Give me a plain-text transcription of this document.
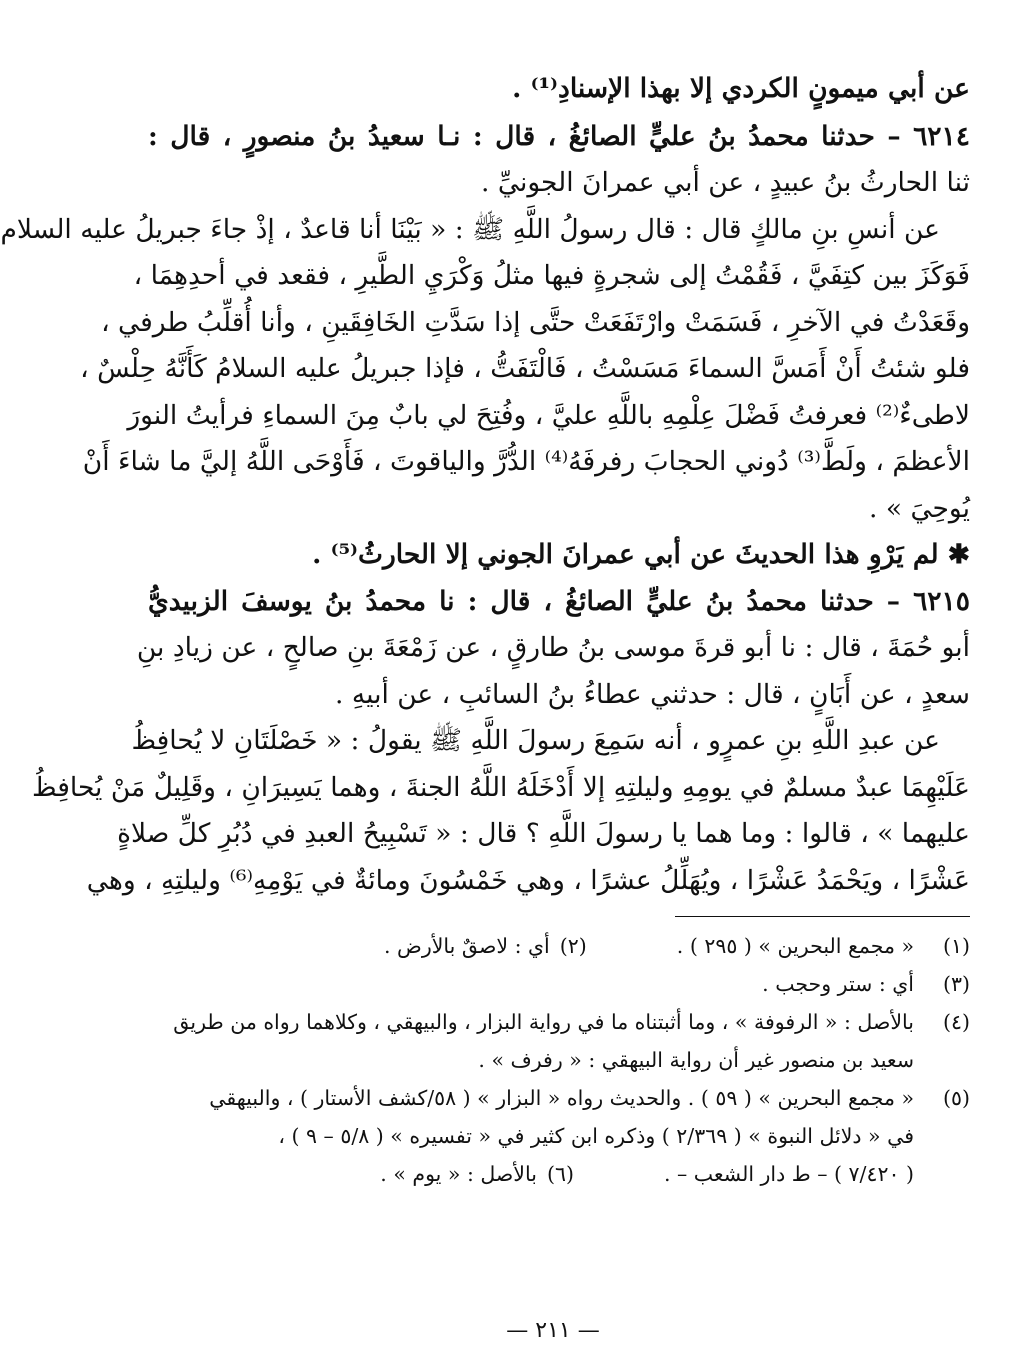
عن أبي ميمونٍ الكردي إلا بهذا الإسنادِ⁽¹⁾ .
٦٢١٤ – حدثنا محمدُ بنُ عليٍّ الصائغُ ، قال : نـا سعيدُ بنُ منصورٍ ، قال :
ثنا الحارثُ بنُ عبيدٍ ، عن أبي عمرانَ الجونيِّ .
عن أنسِ بنِ مالكٍ قال : قال رسولُ اللَّهِ ﷺ : « بَيْنَا أنا قاعدٌ ، إذْ جاءَ جبريلُ عليه السلام
فَوَكَزَ بين كتِفَيَّ ، فَقُمْتُ إلى شجرةٍ فيها مثلُ وَكْرَيِ الطَّيرِ ، فقعد في أحدِهِمَا ،
وقَعَدْتُ في الآخرِ ، فَسَمَتْ وارْتَفَعَتْ حتَّى إذا سَدَّتِ الخَافِقَينِ ، وأنا أُقلِّبُ طرفي ،
فلو شئتُ أَنْ أَمَسَّ السماءَ مَسَسْتُ ، فَالْتَفَتُّ ، فإذا جبريلُ عليه السلامُ كَأَنَّهُ حِلْسٌ ،
لاطىءٌ⁽²⁾ فعرفتُ فَضْلَ عِلْمِهِ باللَّهِ عليَّ ، وفُتِحَ لي بابٌ مِنَ السماءِ فرأيتُ النورَ
الأعظمَ ، ولَطَّ⁽³⁾ دُوني الحجابَ رفرفَهُ⁽⁴⁾ الدُّرَّ والياقوتَ ، فَأَوْحَى اللَّهُ إليَّ ما شاءَ أَنْ
يُوحِيَ » .
✱ لم يَرْوِ هذا الحديثَ عن أبي عمرانَ الجوني إلا الحارثُ⁽⁵⁾ .
٦٢١٥ – حدثنا محمدُ بنُ عليٍّ الصائغُ ، قال : نا محمدُ بنُ يوسفَ الزبيديُّ
أبو حُمَةَ ، قال : نا أبو قرةَ موسى بنُ طارقٍ ، عن زَمْعَةَ بنِ صالحٍ ، عن زيادِ بنِ
سعدٍ ، عن أَبَانٍ ، قال : حدثني عطاءُ بنُ السائبِ ، عن أبيهِ .
عن عبدِ اللَّهِ بنِ عمرٍو ، أنه سَمِعَ رسولَ اللَّهِ ﷺ يقولُ : « خَصْلَتَانِ لا يُحافِظُ
عَلَيْهِمَا عبدٌ مسلمٌ في يومِهِ وليلتِهِ إلا أَدْخَلَهُ اللَّهُ الجنةَ ، وهما يَسِيرَانِ ، وقَلِيلٌ مَنْ يُحافِظُ
عليهما » ، قالوا : وما هما يا رسولَ اللَّهِ ؟ قال : « تَسْبِيحُ العبدِ في دُبُرِ كلِّ صلاةٍ
عَشْرًا ، ويَحْمَدُ عَشْرًا ، ويُهَلِّلُ عشرًا ، وهي خَمْسُونَ ومائةٌ في يَوْمِهِ⁽⁶⁾ وليلتِهِ ، وهي
(١)
« مجمع البحرين » ( ٢٩٥ ) .
(٢)
أي : لاصقٌ بالأرض .
(٣)
أي : ستر وحجب .
(٤)
بالأصل : « الرفوفة » ، وما أثبتناه ما في رواية البزار ، والبيهقي ، وكلاهما رواه من طريق
سعيد بن منصور غير أن رواية البيهقي : « رفرف » .
(٥)
« مجمع البحرين » ( ٥٩ ) . والحديث رواه « البزار » ( ٥٨/كشف الأستار ) ، والبيهقي
في « دلائل النبوة » ( ٢/٣٦٩ ) وذكره ابن كثير في « تفسيره » ( ٥/٨ – ٩ ) ،
( ٧/٤٢٠ ) – ط دار الشعب – .
(٦)
بالأصل : « يوم » .
— ٢١١ —
